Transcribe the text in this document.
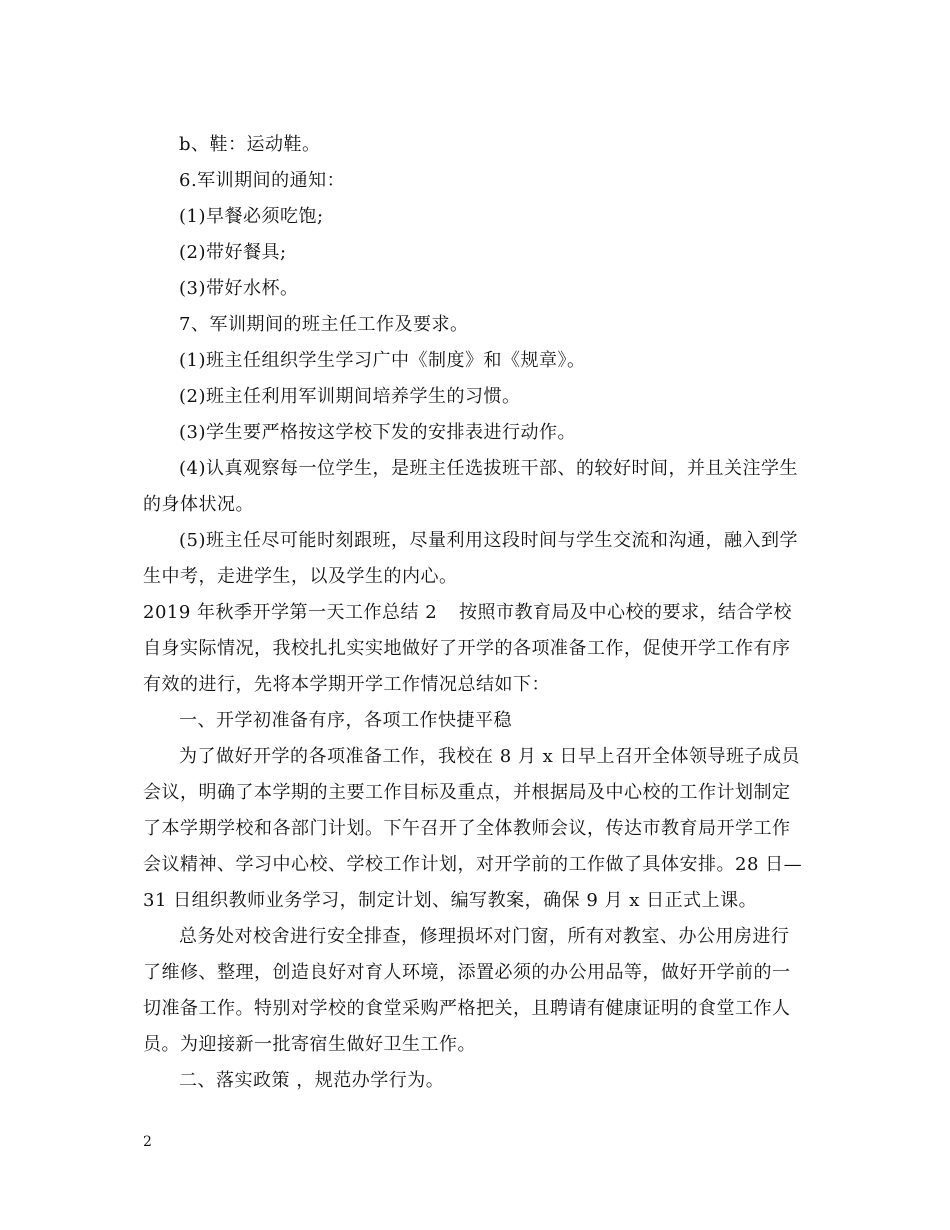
b、鞋：运动鞋。
6.军训期间的通知：
(1)早餐必须吃饱;
(2)带好餐具;
(3)带好水杯。
7、军训期间的班主任工作及要求。
(1)班主任组织学生学习广中《制度》和《规章》。
(2)班主任利用军训期间培养学生的习惯。
(3)学生要严格按这学校下发的安排表进行动作。
(4)认真观察每一位学生，是班主任选拔班干部、的较好时间，并且关注学生
的身体状况。
(5)班主任尽可能时刻跟班，尽量利用这段时间与学生交流和沟通，融入到学
生中考，走进学生，以及学生的内心。
2019 年秋季开学第一天工作总结 2 按照市教育局及中心校的要求，结合学校
自身实际情况，我校扎扎实实地做好了开学的各项准备工作，促使开学工作有序
有效的进行，先将本学期开学工作情况总结如下：
一、开学初准备有序，各项工作快捷平稳
为了做好开学的各项准备工作，我校在 8 月 x 日早上召开全体领导班子成员
会议，明确了本学期的主要工作目标及重点，并根据局及中心校的工作计划制定
了本学期学校和各部门计划。下午召开了全体教师会议，传达市教育局开学工作
会议精神、学习中心校、学校工作计划，对开学前的工作做了具体安排。28 日—
31 日组织教师业务学习，制定计划、编写教案，确保 9 月 x 日正式上课。
总务处对校舍进行安全排查，修理损坏对门窗，所有对教室、办公用房进行
了维修、整理，创造良好对育人环境，添置必须的办公用品等，做好开学前的一
切准备工作。特别对学校的食堂采购严格把关，且聘请有健康证明的食堂工作人
员。为迎接新一批寄宿生做好卫生工作。
二、落实政策 ，规范办学行为。
2
